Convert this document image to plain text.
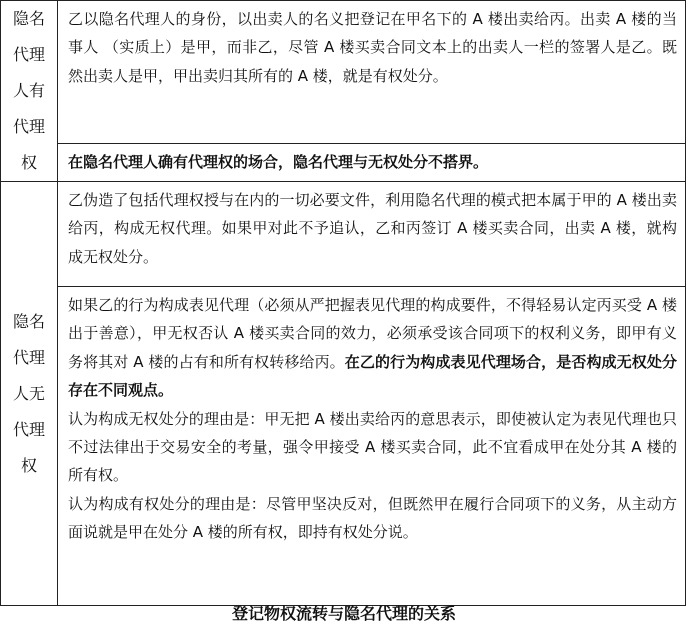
隐名
代理
人有
代理
权	乙以隐名代理人的身份，以出卖人的名义把登记在甲名下的 A 楼出卖给丙。出卖 A 楼的当事人 （实质上）是甲，而非乙，尽管 A 楼买卖合同文本上的出卖人一栏的签署人是乙。既然出卖人是甲，甲出卖归其所有的 A 楼，就是有权处分。

	在隐名代理人确有代理权的场合，隐名代理与无权处分不搭界。

隐名
代理
人无
代理
权	乙伪造了包括代理权授与在内的一切必要文件，利用隐名代理的模式把本属于甲的 A 楼出卖给丙，构成无权代理。如果甲对此不予追认，乙和丙签订 A 楼买卖合同，出卖 A 楼，就构成无权处分。

	如果乙的行为构成表见代理（必须从严把握表见代理的构成要件，不得轻易认定丙买受 A 楼出于善意），甲无权否认 A 楼买卖合同的效力，必须承受该合同项下的权利义务，即甲有义务将其对 A 楼的占有和所有权转移给丙。在乙的行为构成表见代理场合，是否构成无权处分存在不同观点。

认为构成无权处分的理由是：甲无把 A 楼出卖给丙的意思表示，即使被认定为表见代理也只不过法律出于交易安全的考量，强令甲接受 A 楼买卖合同，此不宜看成甲在处分其 A 楼的所有权。

认为构成有权处分的理由是：尽管甲坚决反对，但既然甲在履行合同项下的义务，从主动方面说就是甲在处分 A 楼的所有权，即持有权处分说。

登记物权流转与隐名代理的关系
